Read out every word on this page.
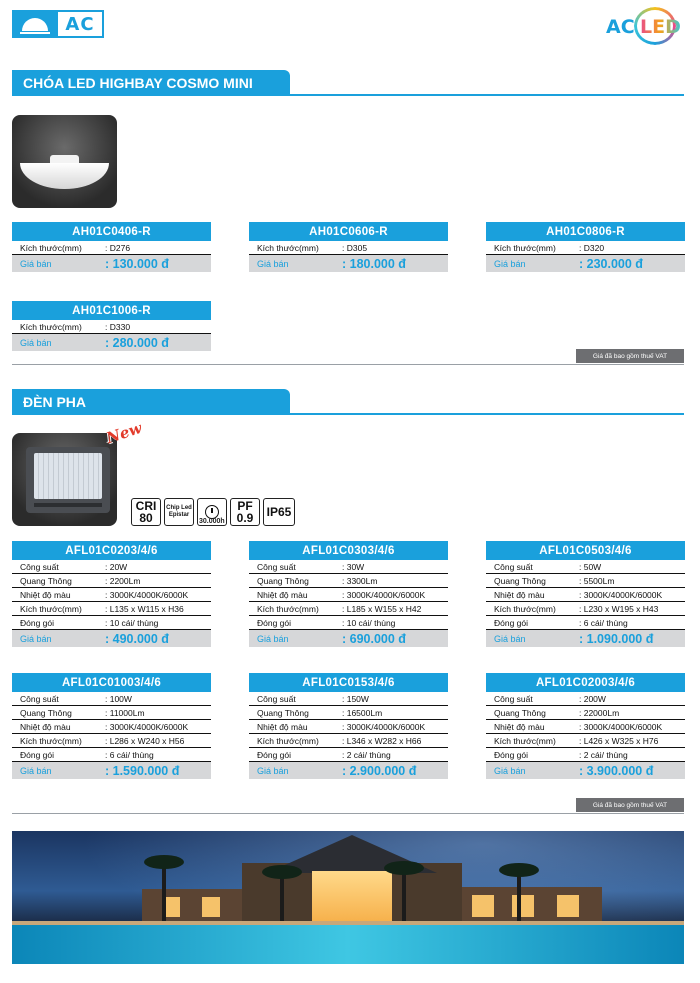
AC	AC LED
CHÓA LED HIGHBAY COSMO MINI
AH01C0406-R
Kích thước(mm)	: D276
Giá bán	: 130.000 đ
AH01C0606-R
Kích thước(mm)	: D305
Giá bán	: 180.000 đ
AH01C0806-R
Kích thước(mm)	: D320
Giá bán	: 230.000 đ
AH01C1006-R
Kích thước(mm)	: D330
Giá bán	: 280.000 đ
Giá đã bao gồm thuế VAT
ĐÈN PHA
New
CRI
80
Chip Led
Epistar
PF
0.9	IP65
30.000h
AFL01C0203/4/6
Công suất	: 20W
Quang Thông	: 2200Lm
Nhiệt độ màu	: 3000K/4000K/6000K
Kích thước(mm)	: L135 x W115 x H36
Đóng gói	: 10 cái/ thùng
Giá bán	: 490.000 đ
AFL01C0303/4/6
Công suất	: 30W
Quang Thông	: 3300Lm
Nhiệt độ màu	: 3000K/4000K/6000K
Kích thước(mm)	: L185 x W155 x H42
Đóng gói	: 10 cái/ thùng
Giá bán	: 690.000 đ
AFL01C0503/4/6
Công suất	: 50W
Quang Thông	: 5500Lm
Nhiệt độ màu	: 3000K/4000K/6000K
Kích thước(mm)	: L230 x W195 x H43
Đóng gói	: 6 cái/ thùng
Giá bán	: 1.090.000 đ
AFL01C01003/4/6
Công suất	: 100W
Quang Thông	: 11000Lm
Nhiệt độ màu	: 3000K/4000K/6000K
Kích thước(mm)	: L286 x W240 x H56
Đóng gói	: 6 cái/ thùng
Giá bán	: 1.590.000 đ
AFL01C0153/4/6
Công suất	: 150W
Quang Thông	: 16500Lm
Nhiệt độ màu	: 3000K/4000K/6000K
Kích thước(mm)	: L346 x W282 x H66
Đóng gói	: 2 cái/ thùng
Giá bán	: 2.900.000 đ
AFL01C02003/4/6
Công suất	: 200W
Quang Thông	: 22000Lm
Nhiệt độ màu	: 3000K/4000K/6000K
Kích thước(mm)	: L426 x W325 x H76
Đóng gói	: 2 cái/ thùng
Giá bán	: 3.900.000 đ
Giá đã bao gồm thuế VAT
